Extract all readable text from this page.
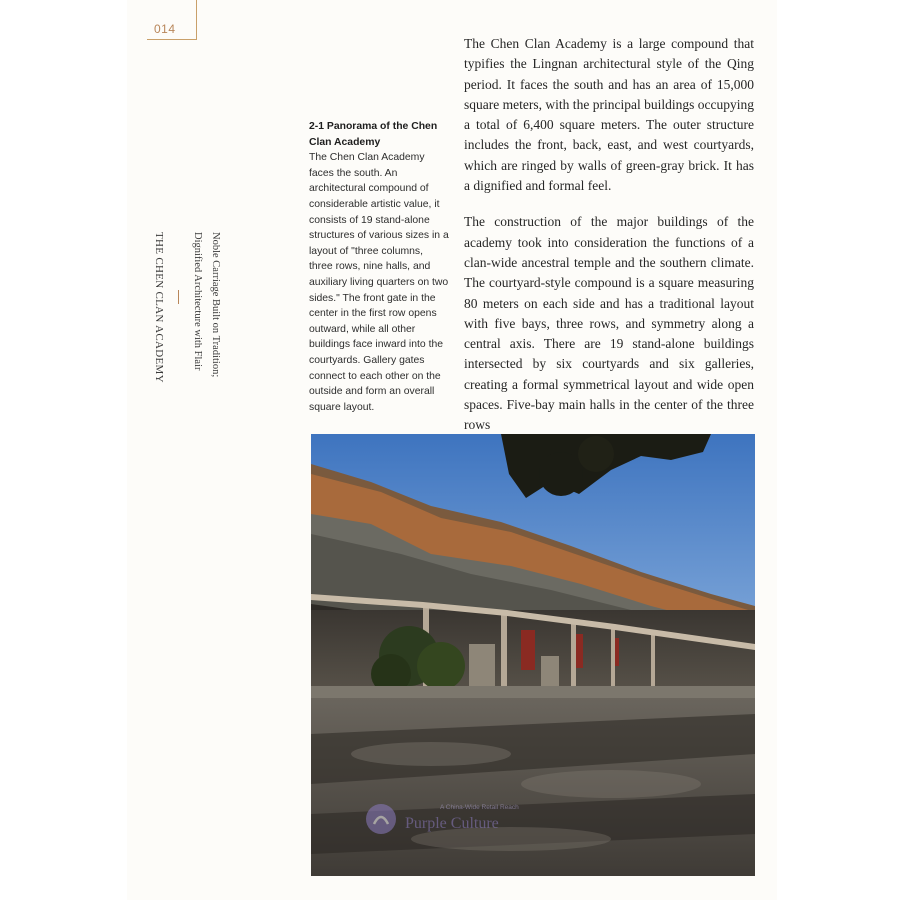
014
THE CHEN CLAN ACADEMY	Dignified Architecture with Flair Noble Carriage Built on Tradition;
2-1 Panorama of the Chen Clan Academy
The Chen Clan Academy faces the south. An architectural compound of considerable artistic value, it consists of 19 stand-alone structures of various sizes in a layout of "three columns, three rows, nine halls, and auxiliary living quarters on two sides." The front gate in the center in the first row opens outward, while all other buildings face inward into the courtyards. Gallery gates connect to each other on the outside and form an overall square layout.

The Chen Clan Academy is a large compound that typifies the Lingnan architectural style of the Qing period. It faces the south and has an area of 15,000 square meters, with the principal buildings occupying a total of 6,400 square meters. The outer structure includes the front, back, east, and west courtyards, which are ringed by walls of green-gray brick. It has a dignified and formal feel.

The construction of the major buildings of the academy took into consideration the functions of a clan-wide ancestral temple and the southern climate. The courtyard-style compound is a square measuring 80 meters on each side and has a traditional layout with five bays, three rows, and symmetry along a central axis. There are 19 stand-alone buildings intersected by six courtyards and six galleries, creating a formal symmetrical layout and wide open spaces. Five-bay main halls in the center of the three rows

A China-Wide Retail Reach
Purple Culture
